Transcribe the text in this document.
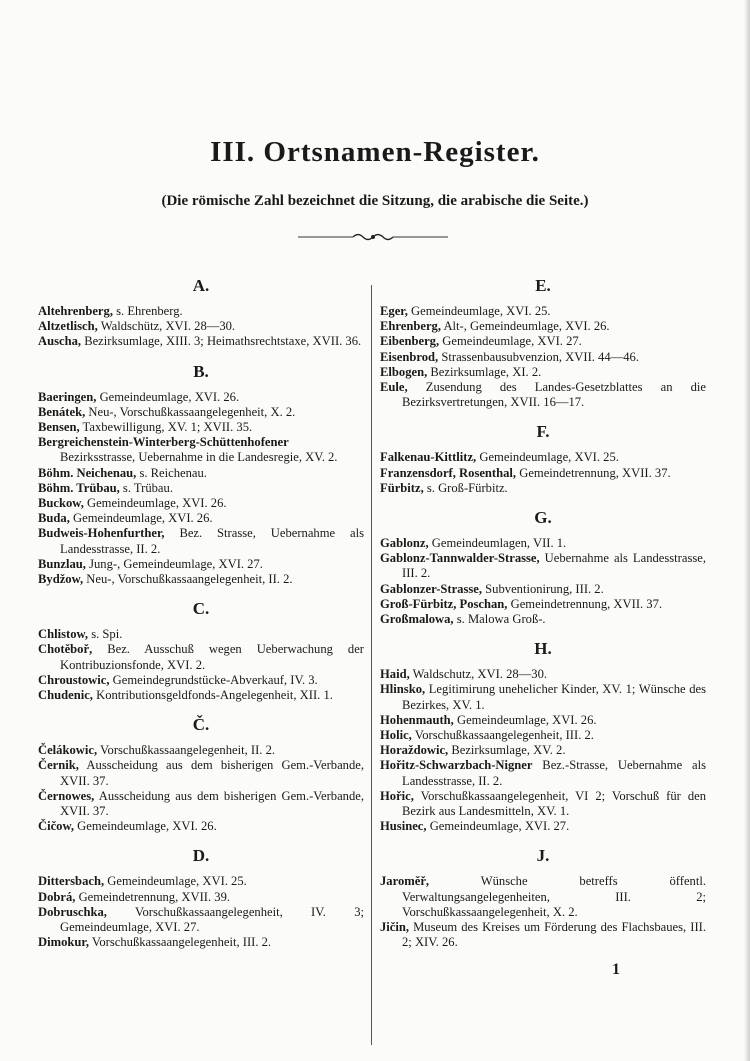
III. Ortsnamen-Register.
(Die römische Zahl bezeichnet die Sitzung, die arabische die Seite.)
A.
Altehrenberg, s. Ehrenberg.
Altzetlisch, Waldschütz, XVI. 28—30.
Auscha, Bezirksumlage, XIII. 3; Heimathsrechtstaxe, XVII. 36.
B.
Baeringen, Gemeindeumlage, XVI. 26.
Benátek, Neu-, Vorschußkassaangelegenheit, X. 2.
Bensen, Taxbewilligung, XV. 1; XVII. 35.
Bergreichenstein-Winterberg-Schüttenhofener Bezirksstrasse, Uebernahme in die Landesregie, XV. 2.
Böhm. Neichenau, s. Reichenau.
Böhm. Trübau, s. Trübau.
Buckow, Gemeindeumlage, XVI. 26.
Buda, Gemeindeumlage, XVI. 26.
Budweis-Hohenfurther, Bez. Strasse, Uebernahme als Landesstrasse, II. 2.
Bunzlau, Jung-, Gemeindeumlage, XVI. 27.
Bydžow, Neu-, Vorschußkassaangelegenheit, II. 2.
C.
Chlistow, s. Spi.
Chotěboř, Bez. Ausschuß wegen Ueberwachung der Kontribuzionsfonde, XVI. 2.
Chroustowic, Gemeindegrundstücke-Abverkauf, IV. 3.
Chudenic, Kontributionsgeldfonds-Angelegenheit, XII. 1.
Č.
Čelákowic, Vorschußkassaangelegenheit, II. 2.
Černik, Ausscheidung aus dem bisherigen Gem.-Verbande, XVII. 37.
Černowes, Ausscheidung aus dem bisherigen Gem.-Verbande, XVII. 37.
Čičow, Gemeindeumlage, XVI. 26.
D.
Dittersbach, Gemeindeumlage, XVI. 25.
Dobrá, Gemeindetrennung, XVII. 39.
Dobruschka, Vorschußkassaangelegenheit, IV. 3; Gemeindeumlage, XVI. 27.
Dimokur, Vorschußkassaangelegenheit, III. 2.
E.
Eger, Gemeindeumlage, XVI. 25.
Ehrenberg, Alt-, Gemeindeumlage, XVI. 26.
Eibenberg, Gemeindeumlage, XVI. 27.
Eisenbrod, Strassenbausubvenzion, XVII. 44—46.
Elbogen, Bezirksumlage, XI. 2.
Eule, Zusendung des Landes-Gesetzblattes an die Bezirksvertretungen, XVII. 16—17.
F.
Falkenau-Kittlitz, Gemeindeumlage, XVI. 25.
Franzensdorf, Rosenthal, Gemeindetrennung, XVII. 37.
Fürbitz, s. Groß-Fürbitz.
G.
Gablonz, Gemeindeumlagen, VII. 1.
Gablonz-Tannwalder-Strasse, Uebernahme als Landesstrasse, III. 2.
Gablonzer-Strasse, Subventionirung, III. 2.
Groß-Fürbitz, Poschan, Gemeindetrennung, XVII. 37.
Großmalowa, s. Malowa Groß-.
H.
Haid, Waldschutz, XVI. 28—30.
Hlinsko, Legitimirung unehelicher Kinder, XV. 1; Wünsche des Bezirkes, XV. 1.
Hohenmauth, Gemeindeumlage, XVI. 26.
Holic, Vorschußkassaangelegenheit, III. 2.
Horaždowic, Bezirksumlage, XV. 2.
Hořitz-Schwarzbach-Nigner Bez.-Strasse, Uebernahme als Landesstrasse, II. 2.
Hořic, Vorschußkassaangelegenheit, VI 2; Vorschuß für den Bezirk aus Landesmitteln, XV. 1.
Husinec, Gemeindeumlage, XVI. 27.
J.
Jaroměř, Wünsche betreffs öffentl. Verwaltungsangelegenheiten, III. 2; Vorschußkassaangelegenheit, X. 2.
Jičin, Museum des Kreises um Förderung des Flachsbaues, III. 2; XIV. 26.
1
